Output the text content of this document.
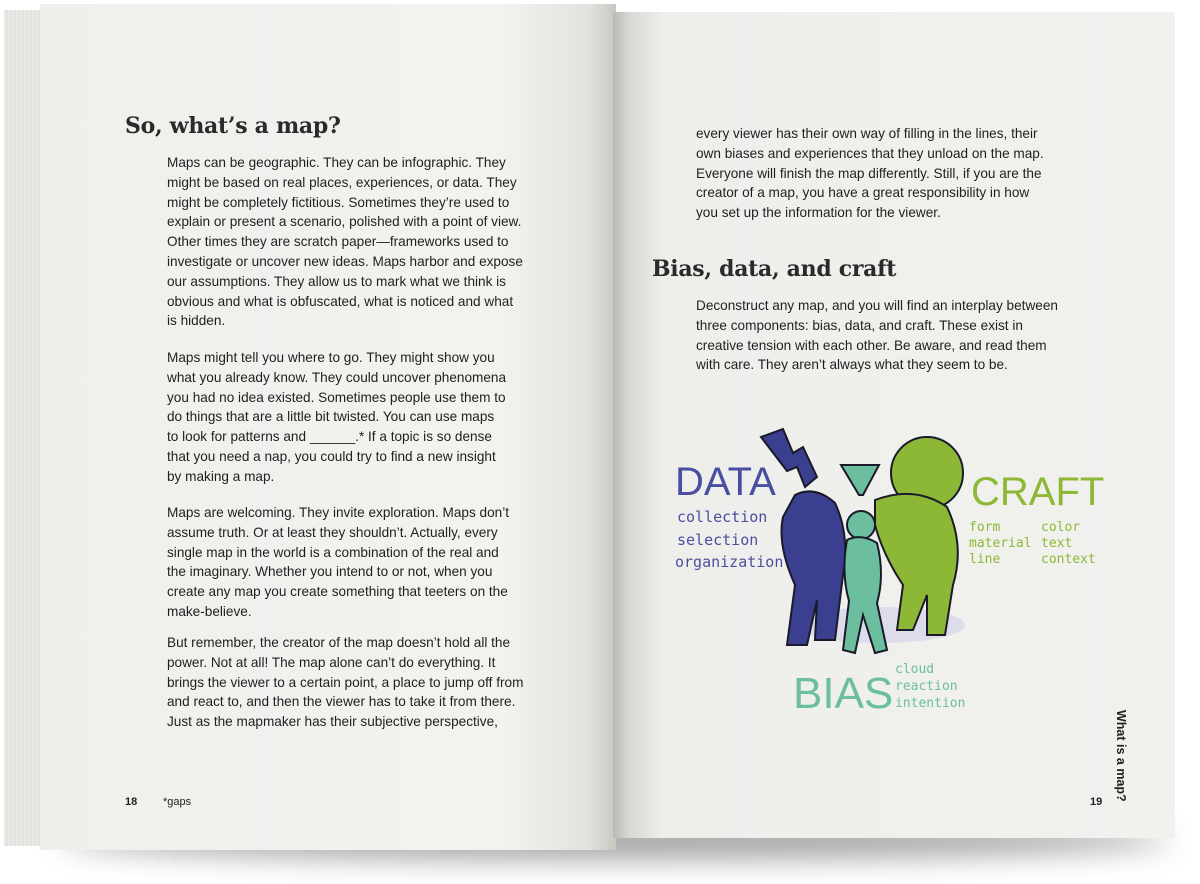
So, what’s a map?
Maps can be geographic. They can be infographic. They
might be based on real places, experiences, or data. They
might be completely fictitious. Sometimes they’re used to
explain or present a scenario, polished with a point of view.
Other times they are scratch paper—frameworks used to
investigate or uncover new ideas. Maps harbor and expose
our assumptions. They allow us to mark what we think is
obvious and what is obfuscated, what is noticed and what
is hidden.
Maps might tell you where to go. They might show you
what you already know. They could uncover phenomena
you had no idea existed. Sometimes people use them to
do things that are a little bit twisted. You can use maps
to look for patterns and ______.* If a topic is so dense
that you need a nap, you could try to find a new insight
by making a map.
Maps are welcoming. They invite exploration. Maps don’t
assume truth. Or at least they shouldn’t. Actually, every
single map in the world is a combination of the real and
the imaginary. Whether you intend to or not, when you
create any map you create something that teeters on the
make-believe.
But remember, the creator of the map doesn’t hold all the
power. Not at all! The map alone can’t do everything. It
brings the viewer to a certain point, a place to jump off from
and react to, and then the viewer has to take it from there.
Just as the mapmaker has their subjective perspective,
18 *gaps
every viewer has their own way of filling in the lines, their
own biases and experiences that they unload on the map.
Everyone will finish the map differently. Still, if you are the
creator of a map, you have a great responsibility in how
you set up the information for the viewer.
Bias, data, and craft
Deconstruct any map, and you will find an interplay between
three components: bias, data, and craft. These exist in
creative tension with each other. Be aware, and read them
with care. They aren’t always what they seem to be.
What is a map?
19
DATA
collection
selection
organization
CRAFT
form
material
line
color
text
context
BIAS cloud
reaction
intention
